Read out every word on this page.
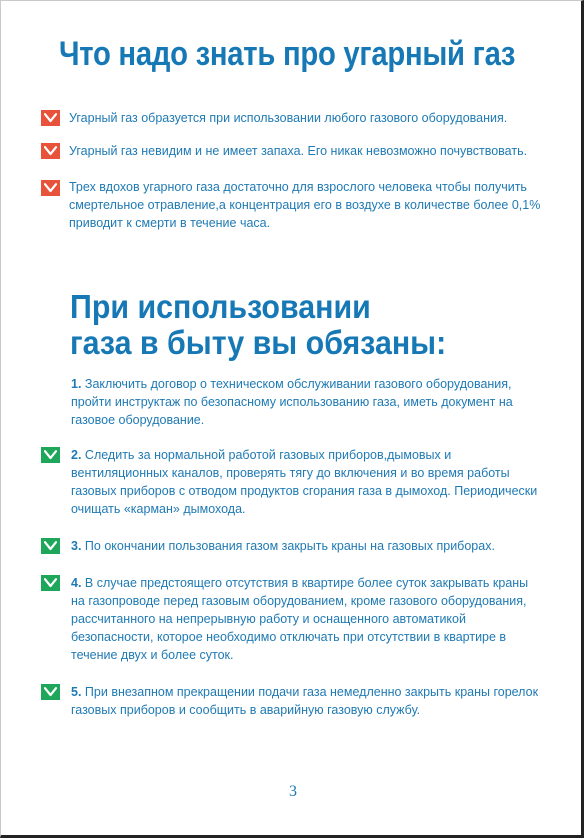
Что надо знать про угарный газ
Угарный газ образуется при использовании любого газового оборудования.
Угарный газ невидим и не имеет запаха. Его никак невозможно почувствовать.
Трех вдохов угарного газа достаточно для взрослого человека чтобы получить
смертельное отравление,а концентрация его в воздухе в количестве более 0,1%
приводит к смерти в течение часа.
При использовании
газа в быту вы обязаны:
1. Заключить договор о техническом обслуживании газового оборудования,
пройти инструктаж по безопасному использованию газа, иметь документ на
газовое оборудование.
2. Следить за нормальной работой газовых приборов,дымовых и
вентиляционных каналов, проверять тягу до включения и во время работы
газовых приборов с отводом продуктов сгорания газа в дымоход. Периодически
очищать «карман» дымохода.
3. По окончании пользования газом закрыть краны на газовых приборах.
4. В случае предстоящего отсутствия в квартире более суток закрывать краны
на газопроводе перед газовым оборудованием, кроме газового оборудования,
рассчитанного на непрерывную работу и оснащенного автоматикой
безопасности, которое необходимо отключать при отсутствии в квартире в
течение двух и более суток.
5. При внезапном прекращении подачи газа немедленно закрыть краны горелок
газовых приборов и сообщить в аварийную газовую службу.
3
